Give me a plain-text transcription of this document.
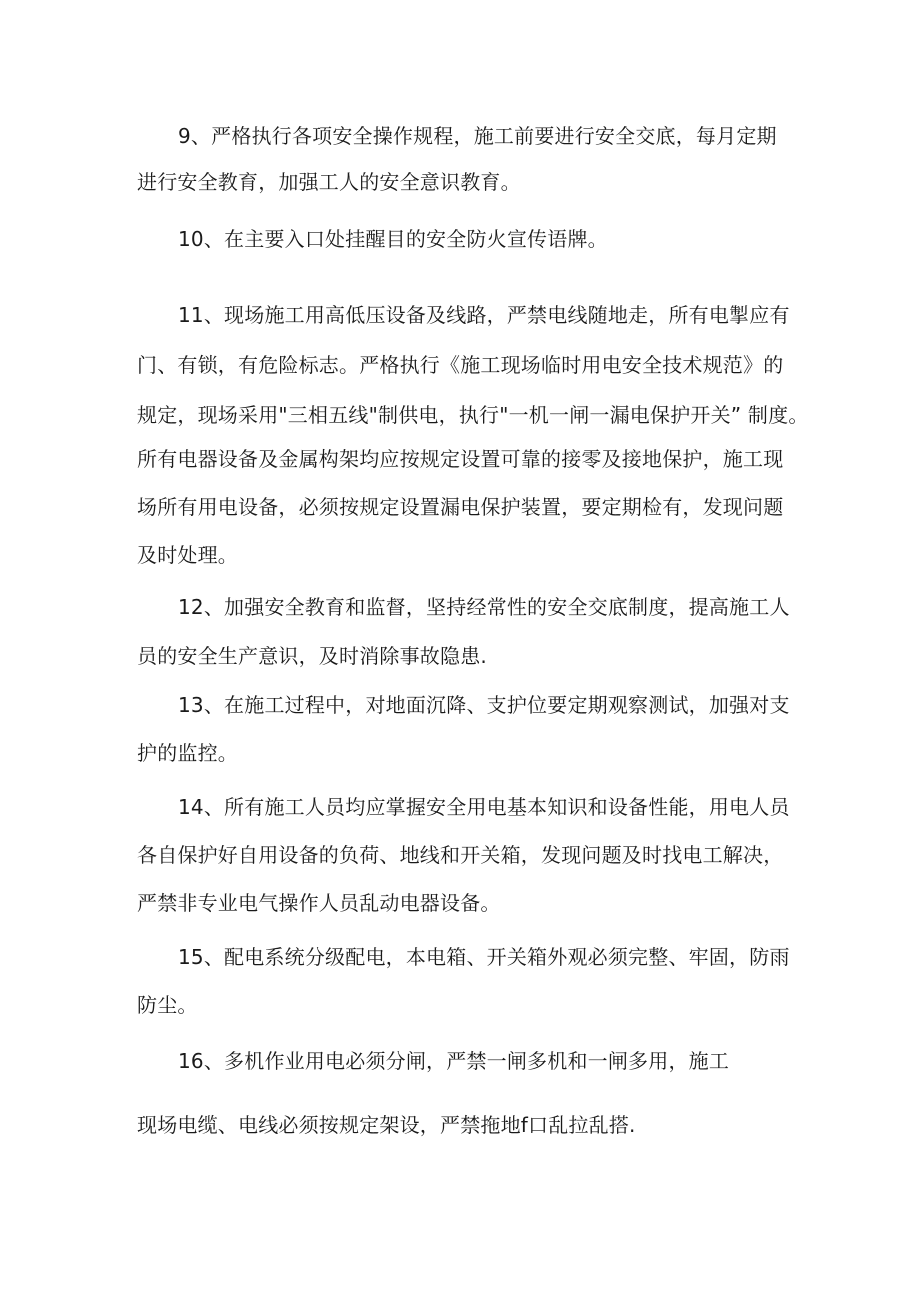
9、严格执行各项安全操作规程，施工前要进行安全交底，每月定期
进行安全教育，加强工人的安全意识教育。
10、在主要入口处挂醒目的安全防火宣传语牌。
11、现场施工用高低压设备及线路，严禁电线随地走，所有电掣应有
门、有锁，有危险标志。严格执行《施工现场临时用电安全技术规范》的
规定，现场采用"三相五线"制供电，执行"一机一闸一漏电保护开关” 制度。
所有电器设备及金属构架均应按规定设置可靠的接零及接地保护，施工现
场所有用电设备，必须按规定设置漏电保护装置，要定期检有，发现问题
及时处理。
12、加强安全教育和监督，坚持经常性的安全交底制度，提高施工人
员的安全生产意识，及时消除事故隐患.
13、在施工过程中，对地面沉降、支护位要定期观察测试，加强对支
护的监控。
14、所有施工人员均应掌握安全用电基本知识和设备性能，用电人员
各自保护好自用设备的负荷、地线和开关箱，发现问题及时找电工解决，
严禁非专业电气操作人员乱动电器设备。
15、配电系统分级配电，本电箱、开关箱外观必须完整、牢固，防雨
防尘。
16、多机作业用电必须分闸，严禁一闸多机和一闸多用，施工
现场电缆、电线必须按规定架设，严禁拖地f口乱拉乱搭.
